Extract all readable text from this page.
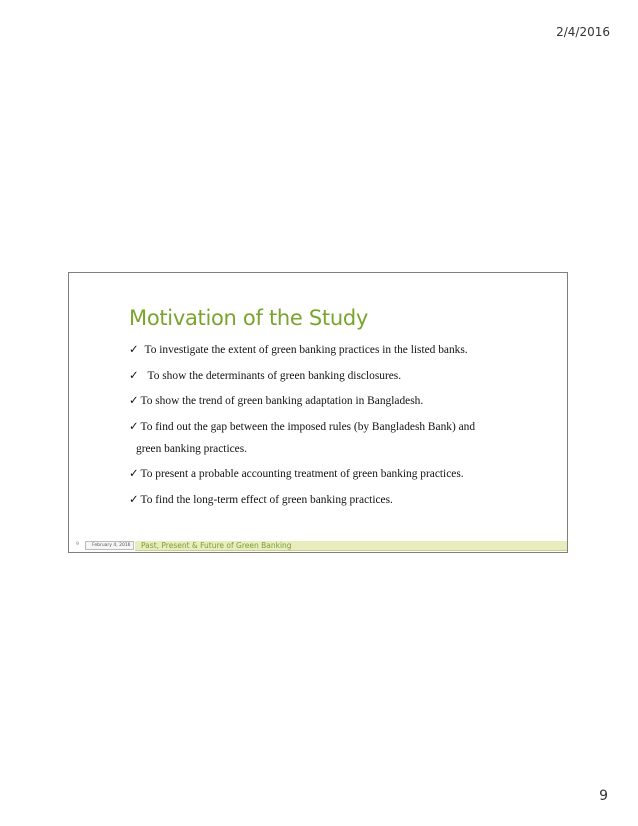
2/4/2016
Motivation of the Study
✓ To investigate the extent of green banking practices in the listed banks.
✓ To show the determinants of green banking disclosures.
✓ To show the trend of green banking adaptation in Bangladesh.
✓ To find out the gap between the imposed rules (by Bangladesh Bank) and
green banking practices.
✓ To present a probable accounting treatment of green banking practices.
✓ To find the long-term effect of green banking practices.
9	February 4, 2016	Past, Present & Future of Green Banking
9
